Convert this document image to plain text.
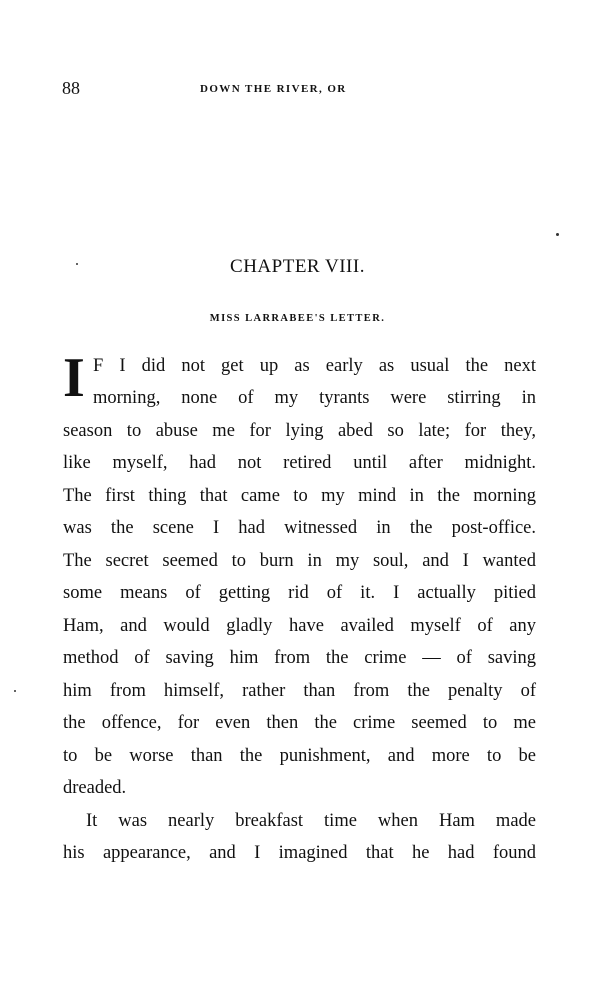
88	DOWN THE RIVER, OR
CHAPTER VIII.
MISS LARRABEE'S LETTER.
I F I did not get up as early as usual the next
morning, none of my tyrants were stirring in
season to abuse me for lying abed so late; for they,
like myself, had not retired until after midnight.
The first thing that came to my mind in the morning
was the scene I had witnessed in the post-office.
The secret seemed to burn in my soul, and I wanted
some means of getting rid of it. I actually pitied
Ham, and would gladly have availed myself of any
method of saving him from the crime — of saving
him from himself, rather than from the penalty of
the offence, for even then the crime seemed to me
to be worse than the punishment, and more to be
dreaded.
It was nearly breakfast time when Ham made
his appearance, and I imagined that he had found
